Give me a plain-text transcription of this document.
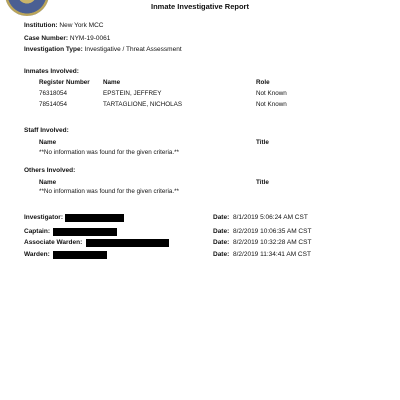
Inmate Investigative Report
Institution: New York MCC
Case Number: NYM-19-0061
Investigation Type: Investigative / Threat Assessment
Inmates Involved:
Register Number Name	Role
76318054	EPSTEIN, JEFFREY	Not Known
78514054	TARTAGLIONE, NICHOLAS	Not Known
Staff Involved:
Name	Title
**No information was found for the given criteria.**
Others Involved:
Name	Title
**No information was found for the given criteria.**
Investigator:	Date: 8/1/2019 5:06:24 AM CST
Captain:	Date: 8/2/2019 10:06:35 AM CST
Associate Warden:	Date: 8/2/2019 10:32:28 AM CST
Warden:	Date: 8/2/2019 11:34:41 AM CST
